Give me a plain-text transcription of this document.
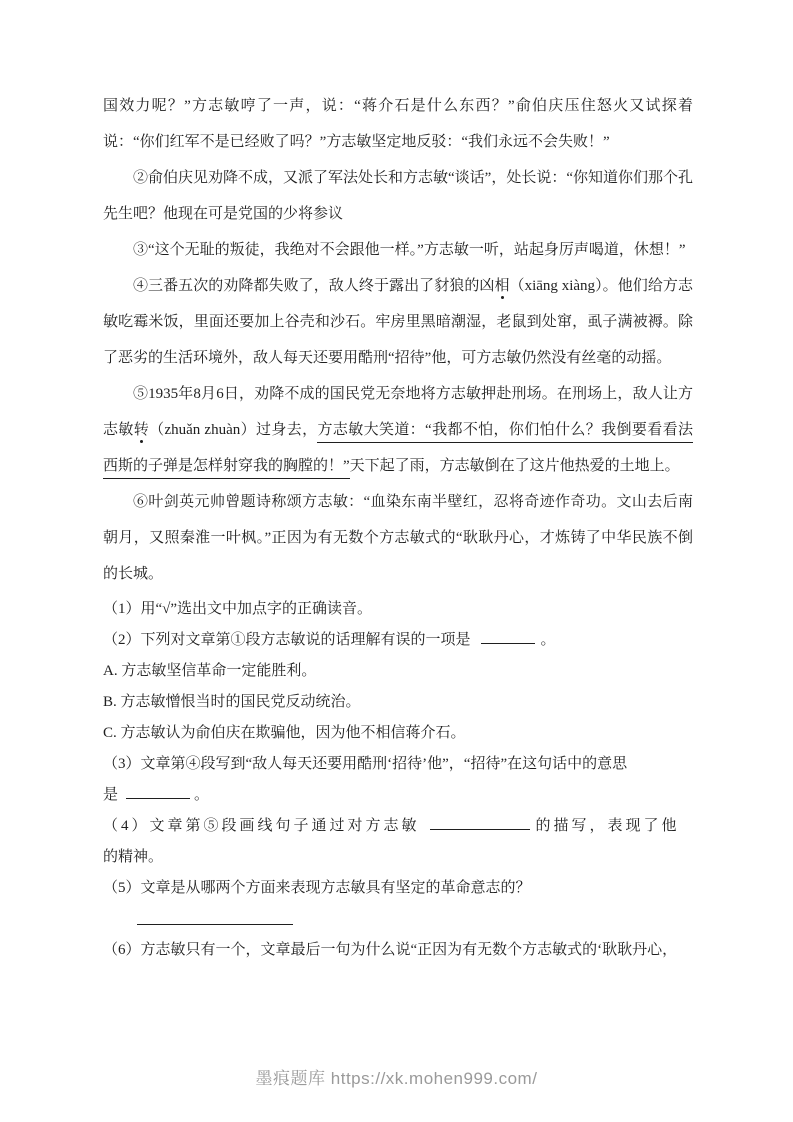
国效力呢？”方志敏哼了一声，说：“蒋介石是什么东西？”俞伯庆压住怒火又试探着说：“你们红军不是已经败了吗？”方志敏坚定地反驳：“我们永远不会失败！”

②俞伯庆见劝降不成，又派了军法处长和方志敏“谈话”，处长说：“你知道你们那个孔先生吧？他现在可是党国的少将参议

③“这个无耻的叛徒，我绝对不会跟他一样。”方志敏一听，站起身厉声喝道，休想！”

④三番五次的劝降都失败了，敌人终于露出了豺狼的凶相（xiāng xiàng）。他们给方志敏吃霉米饭，里面还要加上谷壳和沙石。牢房里黑暗潮湿，老鼠到处窜，虱子满被褥。除了恶劣的生活环境外，敌人每天还要用酷刑“招待”他，可方志敏仍然没有丝毫的动摇。

⑤1935年8月6日，劝降不成的国民党无奈地将方志敏押赴刑场。在刑场上，敌人让方志敏转（zhuǎn zhuàn）过身去，方志敏大笑道：“我都不怕，你们怕什么？我倒要看看法西斯的子弹是怎样射穿我的胸膛的！”天下起了雨，方志敏倒在了这片他热爱的土地上。

⑥叶剑英元帅曾题诗称颂方志敏：“血染东南半壁红，忍将奇迹作奇功。文山去后南朝月，又照秦淮一叶枫。”正因为有无数个方志敏式的“耿耿丹心，才炼铸了中华民族不倒的长城。

（1）用“√”选出文中加点字的正确读音。

（2）下列对文章第①段方志敏说的话理解有误的一项是	。

A. 方志敏坚信革命一定能胜利。

B. 方志敏憎恨当时的国民党反动统治。

C. 方志敏认为俞伯庆在欺骗他，因为他不相信蒋介石。

（3）文章第④段写到“敌人每天还要用酷刑‘招待’他”，“招待”在这句话中的意思
是	。

（4）文章第⑤段画线句子通过对方志敏	的描写，表现了他
的精神。

（5）文章是从哪两个方面来表现方志敏具有坚定的革命意志的？

（6）方志敏只有一个，文章最后一句为什么说“正因为有无数个方志敏式的‘耿耿丹心，

墨痕题库 https://xk.mohen999.com/
